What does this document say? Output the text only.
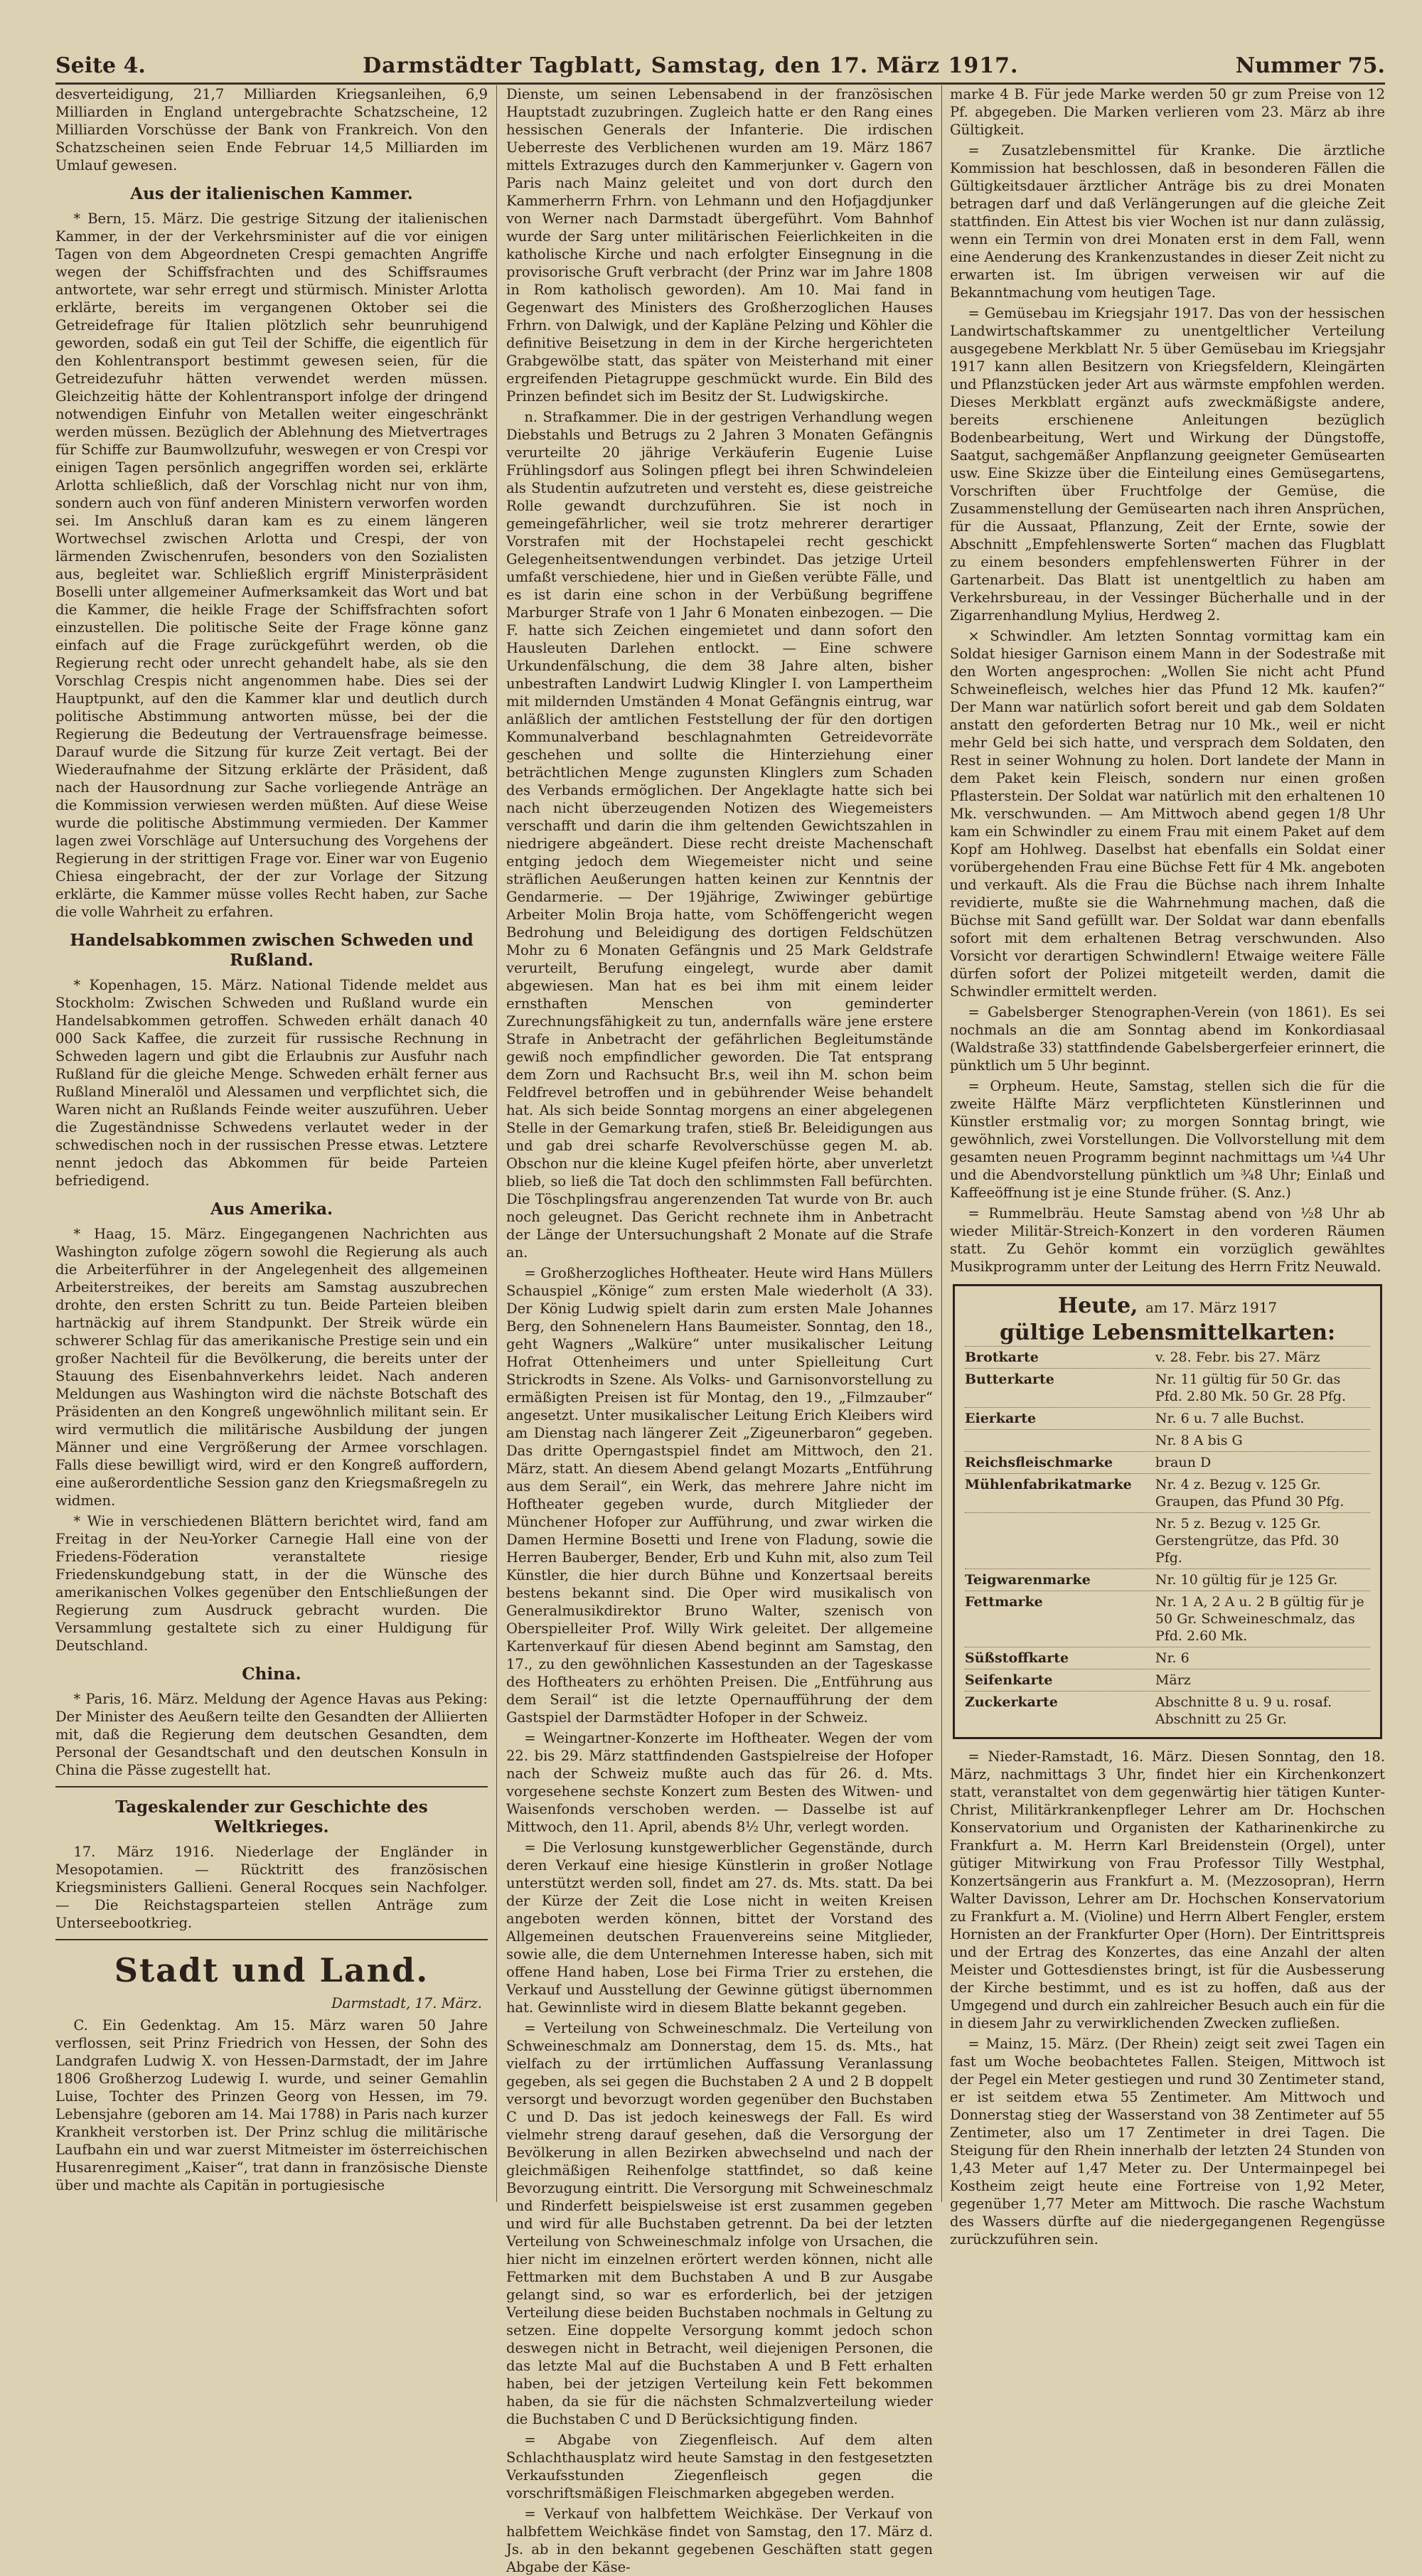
Seite 4.	Darmstädter Tagblatt, Samstag, den 17. März 1917.	Nummer 75.

desverteidigung, 21,7 Milliarden Kriegsanleihen, 6,9 Milliarden in England untergebrachte Schatzscheine, 12 Milliarden Vorschüsse der Bank von Frankreich. Von den Schatzscheinen seien Ende Februar 14,5 Milliarden im Umlauf gewesen.

Aus der italienischen Kammer.

* Bern, 15. März. Die gestrige Sitzung der italienischen Kammer, in der der Verkehrsminister auf die vor einigen Tagen von dem Abgeordneten Crespi gemachten Angriffe wegen der Schiffsfrachten und des Schiffsraumes antwortete, war sehr erregt und stürmisch. Minister Arlotta erklärte, bereits im vergangenen Oktober sei die Getreidefrage für Italien plötzlich sehr beunruhigend geworden, sodaß ein gut Teil der Schiffe, die eigentlich für den Kohlentransport bestimmt gewesen seien, für die Getreidezufuhr hätten verwendet werden müssen. Gleichzeitig hätte der Kohlentransport infolge der dringend notwendigen Einfuhr von Metallen weiter eingeschränkt werden müssen. Bezüglich der Ablehnung des Mietvertrages für Schiffe zur Baumwollzufuhr, weswegen er von Crespi vor einigen Tagen persönlich angegriffen worden sei, erklärte Arlotta schließlich, daß der Vorschlag nicht nur von ihm, sondern auch von fünf anderen Ministern verworfen worden sei. Im Anschluß daran kam es zu einem längeren Wortwechsel zwischen Arlotta und Crespi, der von lärmenden Zwischenrufen, besonders von den Sozialisten aus, begleitet war. Schließlich ergriff Ministerpräsident Boselli unter allgemeiner Aufmerksamkeit das Wort und bat die Kammer, die heikle Frage der Schiffsfrachten sofort einzustellen. Die politische Seite der Frage könne ganz einfach auf die Frage zurückgeführt werden, ob die Regierung recht oder unrecht gehandelt habe, als sie den Vorschlag Crespis nicht angenommen habe. Dies sei der Hauptpunkt, auf den die Kammer klar und deutlich durch politische Abstimmung antworten müsse, bei der die Regierung die Bedeutung der Vertrauensfrage beimesse. Darauf wurde die Sitzung für kurze Zeit vertagt. Bei der Wiederaufnahme der Sitzung erklärte der Präsident, daß nach der Hausordnung zur Sache vorliegende Anträge an die Kommission verwiesen werden müßten. Auf diese Weise wurde die politische Abstimmung vermieden. Der Kammer lagen zwei Vorschläge auf Untersuchung des Vorgehens der Regierung in der strittigen Frage vor. Einer war von Eugenio Chiesa eingebracht, der der zur Vorlage der Sitzung erklärte, die Kammer müsse volles Recht haben, zur Sache die volle Wahrheit zu erfahren.

Handelsabkommen zwischen Schweden und Rußland.

* Kopenhagen, 15. März. National Tidende meldet aus Stockholm: Zwischen Schweden und Rußland wurde ein Handelsabkommen getroffen. Schweden erhält danach 40 000 Sack Kaffee, die zurzeit für russische Rechnung in Schweden lagern und gibt die Erlaubnis zur Ausfuhr nach Rußland für die gleiche Menge. Schweden erhält ferner aus Rußland Mineralöl und Alessamen und verpflichtet sich, die Waren nicht an Rußlands Feinde weiter auszuführen. Ueber die Zugeständnisse Schwedens verlautet weder in der schwedischen noch in der russischen Presse etwas. Letztere nennt jedoch das Abkommen für beide Parteien befriedigend.

Aus Amerika.

* Haag, 15. März. Eingegangenen Nachrichten aus Washington zufolge zögern sowohl die Regierung als auch die Arbeiterführer in der Angelegenheit des allgemeinen Arbeiterstreikes, der bereits am Samstag auszubrechen drohte, den ersten Schritt zu tun. Beide Parteien bleiben hartnäckig auf ihrem Standpunkt. Der Streik würde ein schwerer Schlag für das amerikanische Prestige sein und ein großer Nachteil für die Bevölkerung, die bereits unter der Stauung des Eisenbahnverkehrs leidet. Nach anderen Meldungen aus Washington wird die nächste Botschaft des Präsidenten an den Kongreß ungewöhnlich militant sein. Er wird vermutlich die militärische Ausbildung der jungen Männer und eine Vergrößerung der Armee vorschlagen. Falls diese bewilligt wird, wird er den Kongreß auffordern, eine außerordentliche Session ganz den Kriegsmaßregeln zu widmen.

* Wie in verschiedenen Blättern berichtet wird, fand am Freitag in der Neu-Yorker Carnegie Hall eine von der Friedens-Föderation veranstaltete riesige Friedenskundgebung statt, in der die Wünsche des amerikanischen Volkes gegenüber den Entschließungen der Regierung zum Ausdruck gebracht wurden. Die Versammlung gestaltete sich zu einer Huldigung für Deutschland.

China.

* Paris, 16. März. Meldung der Agence Havas aus Peking: Der Minister des Aeußern teilte den Gesandten der Alliierten mit, daß die Regierung dem deutschen Gesandten, dem Personal der Gesandtschaft und den deutschen Konsuln in China die Pässe zugestellt hat.

Tageskalender zur Geschichte des Weltkrieges.

17. März 1916. Niederlage der Engländer in Mesopotamien. — Rücktritt des französischen Kriegsministers Gallieni. General Rocques sein Nachfolger. — Die Reichstagsparteien stellen Anträge zum Unterseebootkrieg.

Stadt und Land.
Darmstadt, 17. März.

C. Ein Gedenktag. Am 15. März waren 50 Jahre verflossen, seit Prinz Friedrich von Hessen, der Sohn des Landgrafen Ludwig X. von Hessen-Darmstadt, der im Jahre 1806 Großherzog Ludewig I. wurde, und seiner Gemahlin Luise, Tochter des Prinzen Georg von Hessen, im 79. Lebensjahre (geboren am 14. Mai 1788) in Paris nach kurzer Krankheit verstorben ist. Der Prinz schlug die militärische Laufbahn ein und war zuerst Mitmeister im österreichischen Husarenregiment „Kaiser“, trat dann in französische Dienste über und machte als Capitän in portugiesische

Dienste, um seinen Lebensabend in der französischen Hauptstadt zuzubringen. Zugleich hatte er den Rang eines hessischen Generals der Infanterie. Die irdischen Ueberreste des Verblichenen wurden am 19. März 1867 mittels Extrazuges durch den Kammerjunker v. Gagern von Paris nach Mainz geleitet und von dort durch den Kammerherrn Frhrn. von Lehmann und den Hofjagdjunker von Werner nach Darmstadt übergeführt. Vom Bahnhof wurde der Sarg unter militärischen Feierlichkeiten in die katholische Kirche und nach erfolgter Einsegnung in die provisorische Gruft verbracht (der Prinz war im Jahre 1808 in Rom katholisch geworden). Am 10. Mai fand in Gegenwart des Ministers des Großherzoglichen Hauses Frhrn. von Dalwigk, und der Kapläne Pelzing und Köhler die definitive Beisetzung in dem in der Kirche hergerichteten Grabgewölbe statt, das später von Meisterhand mit einer ergreifenden Pietagruppe geschmückt wurde. Ein Bild des Prinzen befindet sich im Besitz der St. Ludwigskirche.

n. Strafkammer. Die in der gestrigen Verhandlung wegen Diebstahls und Betrugs zu 2 Jahren 3 Monaten Gefängnis verurteilte 20 jährige Verkäuferin Eugenie Luise Frühlingsdorf aus Solingen pflegt bei ihren Schwindeleien als Studentin aufzutreten und versteht es, diese geistreiche Rolle gewandt durchzuführen. Sie ist noch in gemeingefährlicher, weil sie trotz mehrerer derartiger Vorstrafen mit der Hochstapelei recht geschickt Gelegenheitsentwendungen verbindet. Das jetzige Urteil umfaßt verschiedene, hier und in Gießen verübte Fälle, und es ist darin eine schon in der Verbüßung begriffene Marburger Strafe von 1 Jahr 6 Monaten einbezogen. — Die F. hatte sich Zeichen eingemietet und dann sofort den Hausleuten Darlehen entlockt. — Eine schwere Urkundenfälschung, die dem 38 Jahre alten, bisher unbestraften Landwirt Ludwig Klingler I. von Lampertheim mit mildernden Umständen 4 Monat Gefängnis eintrug, war anläßlich der amtlichen Feststellung der für den dortigen Kommunalverband beschlagnahmten Getreidevorräte geschehen und sollte die Hinterziehung einer beträchtlichen Menge zugunsten Klinglers zum Schaden des Verbands ermöglichen. Der Angeklagte hatte sich bei nach nicht überzeugenden Notizen des Wiegemeisters verschafft und darin die ihm geltenden Gewichtszahlen in niedrigere abgeändert. Diese recht dreiste Machenschaft entging jedoch dem Wiegemeister nicht und seine sträflichen Aeußerungen hatten keinen zur Kenntnis der Gendarmerie. — Der 19jährige, Zwiwinger gebürtige Arbeiter Molin Broja hatte, vom Schöffengericht wegen Bedrohung und Beleidigung des dortigen Feldschützen Mohr zu 6 Monaten Gefängnis und 25 Mark Geldstrafe verurteilt, Berufung eingelegt, wurde aber damit abgewiesen. Man hat es bei ihm mit einem leider ernsthaften Menschen von geminderter Zurechnungsfähigkeit zu tun, andernfalls wäre jene erstere Strafe in Anbetracht der gefährlichen Begleitumstände gewiß noch empfindlicher geworden. Die Tat entsprang dem Zorn und Rachsucht Br.s, weil ihn M. schon beim Feldfrevel betroffen und in gebührender Weise behandelt hat. Als sich beide Sonntag morgens an einer abgelegenen Stelle in der Gemarkung trafen, stieß Br. Beleidigungen aus und gab drei scharfe Revolverschüsse gegen M. ab. Obschon nur die kleine Kugel pfeifen hörte, aber unverletzt blieb, so ließ die Tat doch den schlimmsten Fall befürchten. Die Töschplingsfrau angerenzenden Tat wurde von Br. auch noch geleugnet. Das Gericht rechnete ihm in Anbetracht der Länge der Untersuchungshaft 2 Monate auf die Strafe an.

= Großherzogliches Hoftheater. Heute wird Hans Müllers Schauspiel „Könige“ zum ersten Male wiederholt (A 33). Der König Ludwig spielt darin zum ersten Male Johannes Berg, den Sohnenelern Hans Baumeister. Sonntag, den 18., geht Wagners „Walküre“ unter musikalischer Leitung Hofrat Ottenheimers und unter Spielleitung Curt Strickrodts in Szene. Als Volks- und Garnisonvorstellung zu ermäßigten Preisen ist für Montag, den 19., „Filmzauber“ angesetzt. Unter musikalischer Leitung Erich Kleibers wird am Dienstag nach längerer Zeit „Zigeunerbaron“ gegeben. Das dritte Operngastspiel findet am Mittwoch, den 21. März, statt. An diesem Abend gelangt Mozarts „Entführung aus dem Serail“, ein Werk, das mehrere Jahre nicht im Hoftheater gegeben wurde, durch Mitglieder der Münchener Hofoper zur Aufführung, und zwar wirken die Damen Hermine Bosetti und Irene von Fladung, sowie die Herren Bauberger, Bender, Erb und Kuhn mit, also zum Teil Künstler, die hier durch Bühne und Konzertsaal bereits bestens bekannt sind. Die Oper wird musikalisch von Generalmusikdirektor Bruno Walter, szenisch von Oberspielleiter Prof. Willy Wirk geleitet. Der allgemeine Kartenverkauf für diesen Abend beginnt am Samstag, den 17., zu den gewöhnlichen Kassestunden an der Tageskasse des Hoftheaters zu erhöhten Preisen. Die „Entführung aus dem Serail“ ist die letzte Opernaufführung der dem Gastspiel der Darmstädter Hofoper in der Schweiz.

= Weingartner-Konzerte im Hoftheater. Wegen der vom 22. bis 29. März stattfindenden Gastspielreise der Hofoper nach der Schweiz mußte auch das für 26. d. Mts. vorgesehene sechste Konzert zum Besten des Witwen- und Waisenfonds verschoben werden. — Dasselbe ist auf Mittwoch, den 11. April, abends 8½ Uhr, verlegt worden.

= Die Verlosung kunstgewerblicher Gegenstände, durch deren Verkauf eine hiesige Künstlerin in großer Notlage unterstützt werden soll, findet am 27. ds. Mts. statt. Da bei der Kürze der Zeit die Lose nicht in weiten Kreisen angeboten werden können, bittet der Vorstand des Allgemeinen deutschen Frauenvereins seine Mitglieder, sowie alle, die dem Unternehmen Interesse haben, sich mit offene Hand haben, Lose bei Firma Trier zu erstehen, die Verkauf und Ausstellung der Gewinne gütigst übernommen hat. Gewinnliste wird in diesem Blatte bekannt gegeben.

= Verteilung von Schweineschmalz. Die Verteilung von Schweineschmalz am Donnerstag, dem 15. ds. Mts., hat vielfach zu der irrtümlichen Auffassung Veranlassung gegeben, als sei gegen die Buchstaben 2 A und 2 B doppelt versorgt und bevorzugt worden gegenüber den Buchstaben C und D. Das ist jedoch keineswegs der Fall. Es wird vielmehr streng darauf gesehen, daß die Versorgung der Bevölkerung in allen Bezirken abwechselnd und nach der gleichmäßigen Reihenfolge stattfindet, so daß keine Bevorzugung eintritt. Die Versorgung mit Schweineschmalz und Rinderfett beispielsweise ist erst zusammen gegeben und wird für alle Buchstaben getrennt. Da bei der letzten Verteilung von Schweineschmalz infolge von Ursachen, die hier nicht im einzelnen erörtert werden können, nicht alle Fettmarken mit dem Buchstaben A und B zur Ausgabe gelangt sind, so war es erforderlich, bei der jetzigen Verteilung diese beiden Buchstaben nochmals in Geltung zu setzen. Eine doppelte Versorgung kommt jedoch schon deswegen nicht in Betracht, weil diejenigen Personen, die das letzte Mal auf die Buchstaben A und B Fett erhalten haben, bei der jetzigen Verteilung kein Fett bekommen haben, da sie für die nächsten Schmalzverteilung wieder die Buchstaben C und D Berücksichtigung finden.

= Abgabe von Ziegenfleisch. Auf dem alten Schlachthausplatz wird heute Samstag in den festgesetzten Verkaufsstunden Ziegenfleisch gegen die vorschriftsmäßigen Fleischmarken abgegeben werden.

= Verkauf von halbfettem Weichkäse. Der Verkauf von halbfettem Weichkäse findet von Samstag, den 17. März d. Js. ab in den bekannt gegebenen Geschäften statt gegen Abgabe der Käse-

marke 4 B. Für jede Marke werden 50 gr zum Preise von 12 Pf. abgegeben. Die Marken verlieren vom 23. März ab ihre Gültigkeit.

= Zusatzlebensmittel für Kranke. Die ärztliche Kommission hat beschlossen, daß in besonderen Fällen die Gültigkeitsdauer ärztlicher Anträge bis zu drei Monaten betragen darf und daß Verlängerungen auf die gleiche Zeit stattfinden. Ein Attest bis vier Wochen ist nur dann zulässig, wenn ein Termin von drei Monaten erst in dem Fall, wenn eine Aenderung des Krankenzustandes in dieser Zeit nicht zu erwarten ist. Im übrigen verweisen wir auf die Bekanntmachung vom heutigen Tage.

= Gemüsebau im Kriegsjahr 1917. Das von der hessischen Landwirtschaftskammer zu unentgeltlicher Verteilung ausgegebene Merkblatt Nr. 5 über Gemüsebau im Kriegsjahr 1917 kann allen Besitzern von Kriegsfeldern, Kleingärten und Pflanzstücken jeder Art aus wärmste empfohlen werden. Dieses Merkblatt ergänzt aufs zweckmäßigste andere, bereits erschienene Anleitungen bezüglich Bodenbearbeitung, Wert und Wirkung der Düngstoffe, Saatgut, sachgemäßer Anpflanzung geeigneter Gemüsearten usw. Eine Skizze über die Einteilung eines Gemüsegartens, Vorschriften über Fruchtfolge der Gemüse, die Zusammenstellung der Gemüsearten nach ihren Ansprüchen, für die Aussaat, Pflanzung, Zeit der Ernte, sowie der Abschnitt „Empfehlenswerte Sorten“ machen das Flugblatt zu einem besonders empfehlenswerten Führer in der Gartenarbeit. Das Blatt ist unentgeltlich zu haben am Verkehrsbureau, in der Vessinger Bücherhalle und in der Zigarrenhandlung Mylius, Herdweg 2.

× Schwindler. Am letzten Sonntag vormittag kam ein Soldat hiesiger Garnison einem Mann in der Sodestraße mit den Worten angesprochen: „Wollen Sie nicht acht Pfund Schweinefleisch, welches hier das Pfund 12 Mk. kaufen?“ Der Mann war natürlich sofort bereit und gab dem Soldaten anstatt den geforderten Betrag nur 10 Mk., weil er nicht mehr Geld bei sich hatte, und versprach dem Soldaten, den Rest in seiner Wohnung zu holen. Dort landete der Mann in dem Paket kein Fleisch, sondern nur einen großen Pflasterstein. Der Soldat war natürlich mit den erhaltenen 10 Mk. verschwunden. — Am Mittwoch abend gegen 1/8 Uhr kam ein Schwindler zu einem Frau mit einem Paket auf dem Kopf am Hohlweg. Daselbst hat ebenfalls ein Soldat einer vorübergehenden Frau eine Büchse Fett für 4 Mk. angeboten und verkauft. Als die Frau die Büchse nach ihrem Inhalte revidierte, mußte sie die Wahrnehmung machen, daß die Büchse mit Sand gefüllt war. Der Soldat war dann ebenfalls sofort mit dem erhaltenen Betrag verschwunden. Also Vorsicht vor derartigen Schwindlern! Etwaige weitere Fälle dürfen sofort der Polizei mitgeteilt werden, damit die Schwindler ermittelt werden.

= Gabelsberger Stenographen-Verein (von 1861). Es sei nochmals an die am Sonntag abend im Konkordiasaal (Waldstraße 33) stattfindende Gabelsbergerfeier erinnert, die pünktlich um 5 Uhr beginnt.

= Orpheum. Heute, Samstag, stellen sich die für die zweite Hälfte März verpflichteten Künstlerinnen und Künstler erstmalig vor; zu morgen Sonntag bringt, wie gewöhnlich, zwei Vorstellungen. Die Vollvorstellung mit dem gesamten neuen Programm beginnt nachmittags um ¼4 Uhr und die Abendvorstellung pünktlich um ¾8 Uhr; Einlaß und Kaffeeöffnung ist je eine Stunde früher. (S. Anz.)

= Rummelbräu. Heute Samstag abend von ½8 Uhr ab wieder Militär-Streich-Konzert in den vorderen Räumen statt. Zu Gehör kommt ein vorzüglich gewähltes Musikprogramm unter der Leitung des Herrn Fritz Neuwald.

Heute, am 17. März 1917
gültige Lebensmittelkarten:
Brotkarte	v. 28. Febr. bis 27. März
Butterkarte	Nr. 11 gültig für 50 Gr. das Pfd. 2.80 Mk. 50 Gr. 28 Pfg.
Eierkarte	Nr. 6 u. 7 alle Buchst.
Nr. 8 A bis G
Reichsfleischmarke	braun D
Mühlenfabrikatmarke	Nr. 4 z. Bezug v. 125 Gr. Graupen, das Pfund 30 Pfg.
Nr. 5 z. Bezug v. 125 Gr. Gerstengrütze, das Pfd. 30 Pfg.
Teigwarenmarke	Nr. 10 gültig für je 125 Gr.
Fettmarke	Nr. 1 A, 2 A u. 2 B gültig für je 50 Gr. Schweineschmalz, das Pfd. 2.60 Mk.
Süßstoffkarte	Nr. 6
Seifenkarte	März
Zuckerkarte	Abschnitte 8 u. 9 u. rosaf. Abschnitt zu 25 Gr.

= Nieder-Ramstadt, 16. März. Diesen Sonntag, den 18. März, nachmittags 3 Uhr, findet hier ein Kirchenkonzert statt, veranstaltet von dem gegenwärtig hier tätigen Kunter-Christ, Militärkrankenpfleger Lehrer am Dr. Hochschen Konservatorium und Organisten der Katharinenkirche zu Frankfurt a. M. Herrn Karl Breidenstein (Orgel), unter gütiger Mitwirkung von Frau Professor Tilly Westphal, Konzertsängerin aus Frankfurt a. M. (Mezzosopran), Herrn Walter Davisson, Lehrer am Dr. Hochschen Konservatorium zu Frankfurt a. M. (Violine) und Herrn Albert Fengler, erstem Hornisten an der Frankfurter Oper (Horn). Der Eintrittspreis und der Ertrag des Konzertes, das eine Anzahl der alten Meister und Gottesdienstes bringt, ist für die Ausbesserung der Kirche bestimmt, und es ist zu hoffen, daß aus der Umgegend und durch ein zahlreicher Besuch auch ein für die in diesem Jahr zu verwirklichenden Zwecken zufließen.

= Mainz, 15. März. (Der Rhein) zeigt seit zwei Tagen ein fast um Woche beobachtetes Fallen. Steigen, Mittwoch ist der Pegel ein Meter gestiegen und rund 30 Zentimeter stand, er ist seitdem etwa 55 Zentimeter. Am Mittwoch und Donnerstag stieg der Wasserstand von 38 Zentimeter auf 55 Zentimeter, also um 17 Zentimeter in drei Tagen. Die Steigung für den Rhein innerhalb der letzten 24 Stunden von 1,43 Meter auf 1,47 Meter zu. Der Untermainpegel bei Kostheim zeigt heute eine Fortreise von 1,92 Meter, gegenüber 1,77 Meter am Mittwoch. Die rasche Wachstum des Wassers dürfte auf die niedergegangenen Regengüsse zurückzuführen sein.
